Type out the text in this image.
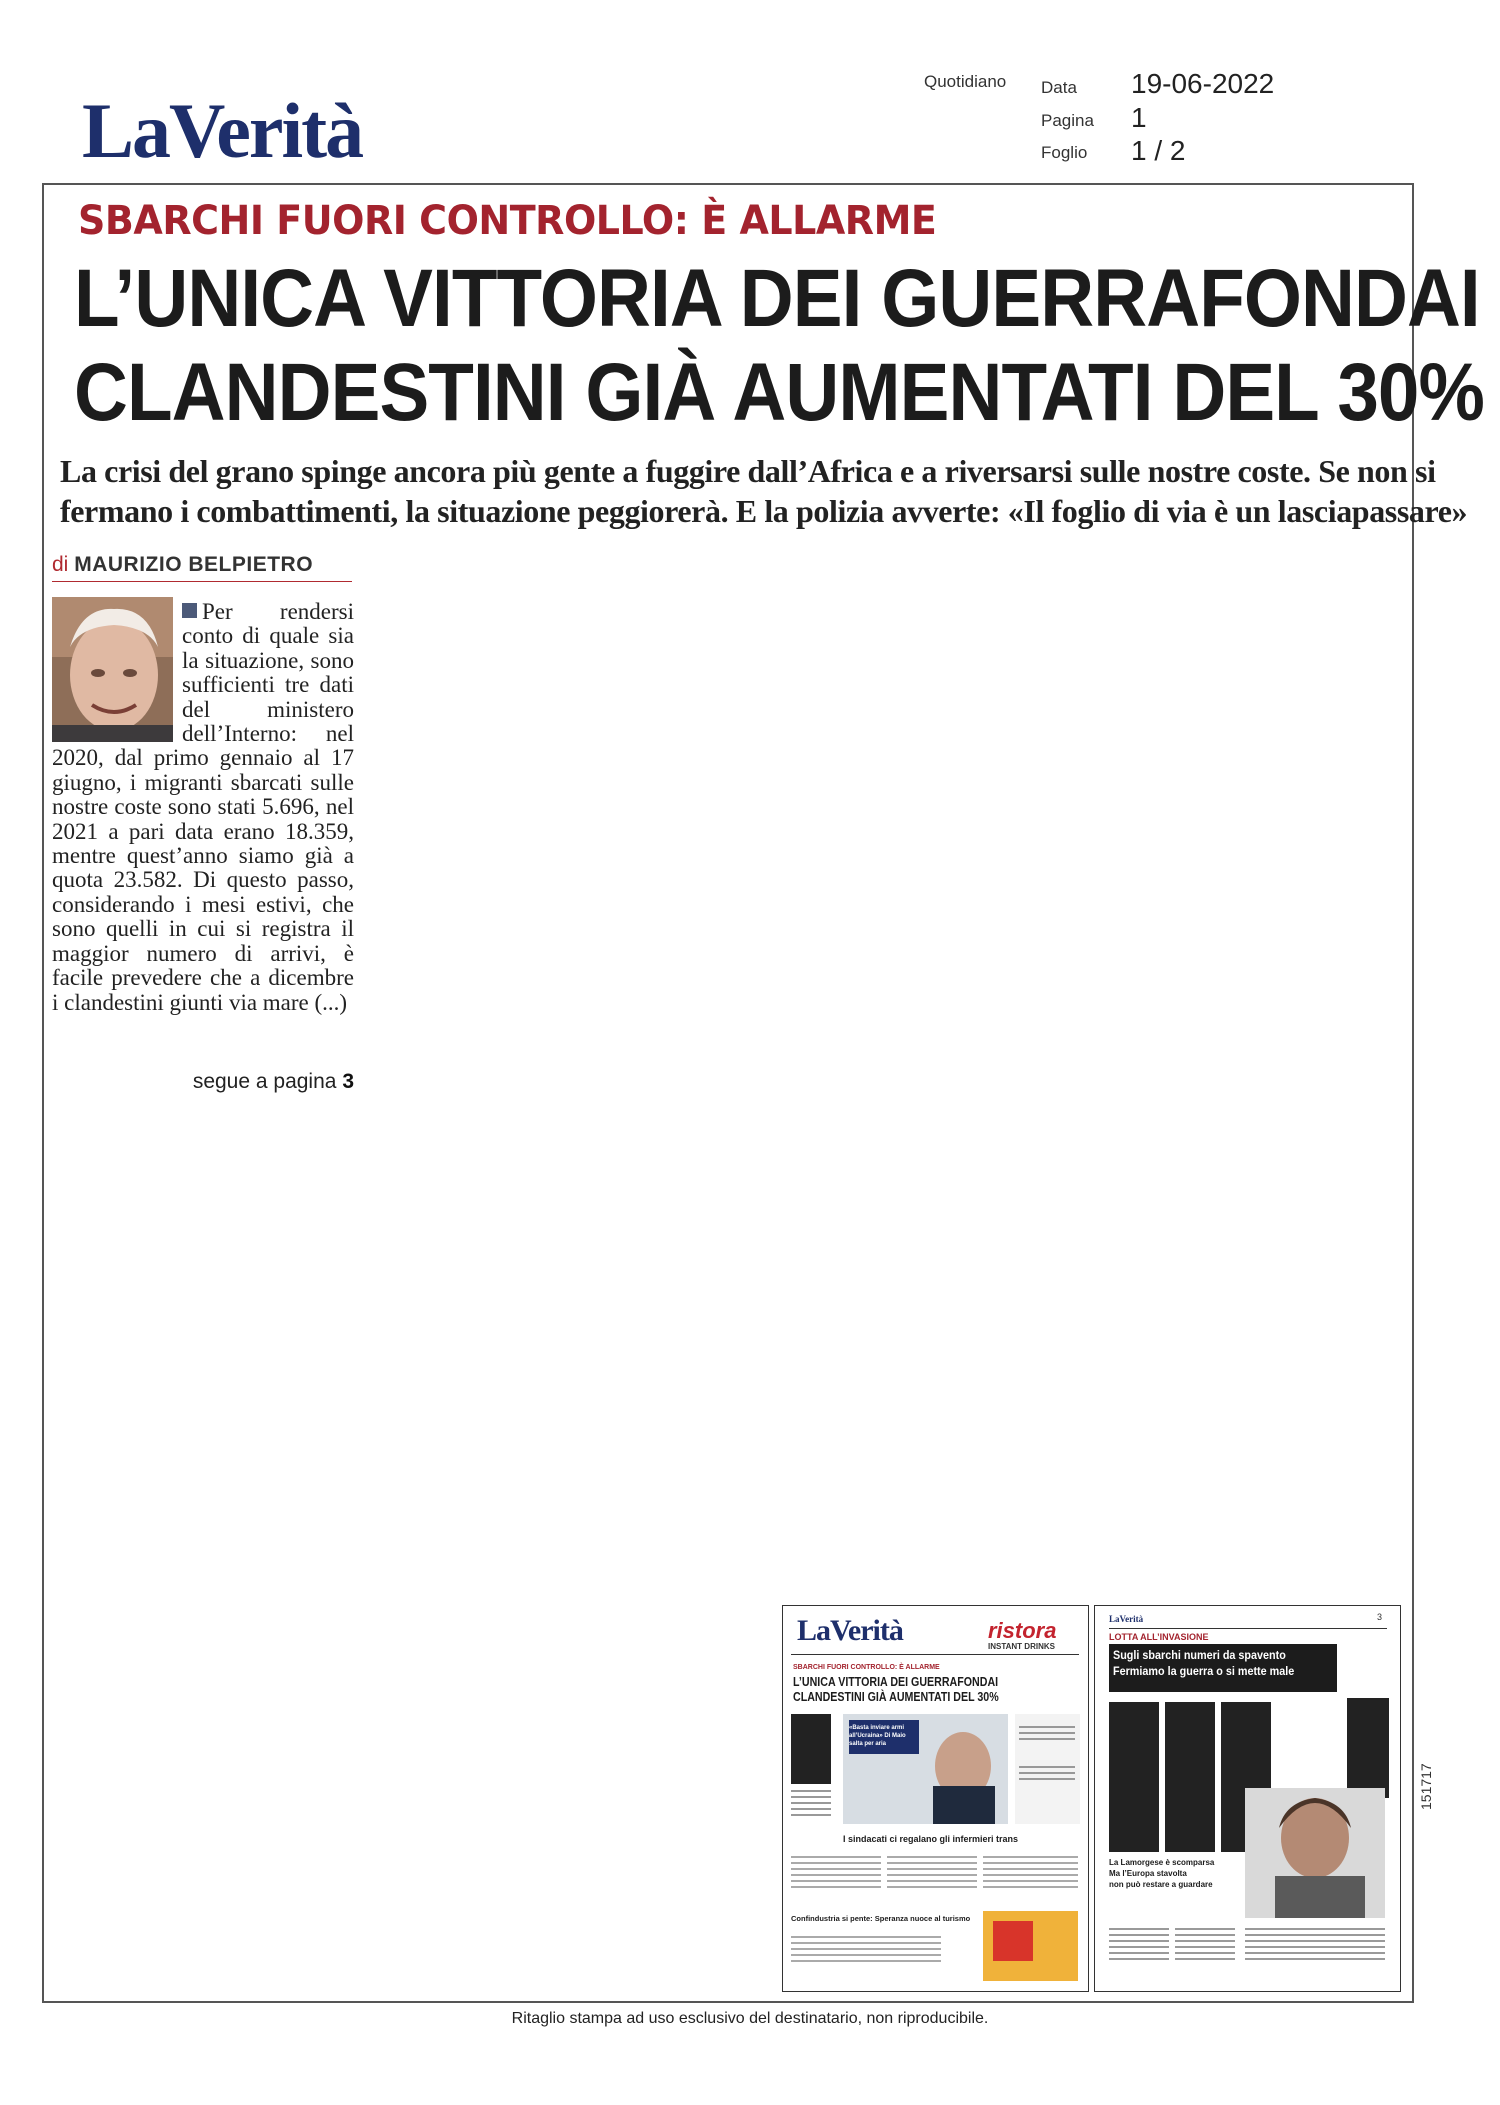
LaVerità
Quotidiano Data 19-06-2022
Pagina 1
Foglio 1 / 2
SBARCHI FUORI CONTROLLO: È ALLARME
L’UNICA VITTORIA DEI GUERRAFONDAI
CLANDESTINI GIÀ AUMENTATI DEL 30%
La crisi del grano spinge ancora più gente a fuggire dall’Africa e a riversarsi sulle nostre coste. Se non si
fermano i combattimenti, la situazione peggiorerà. E la polizia avverte: «Il foglio di via è un lasciapassare»
di MAURIZIO BELPIETRO
Per rendersi conto di quale sia la situazione, sono sufficienti tre dati del ministero dell’Interno: nel 2020, dal primo gennaio al 17 giugno, i migranti sbarcati sulle nostre coste sono stati 5.696, nel 2021 a pari data erano 18.359, mentre quest’anno siamo già a quota 23.582. Di questo passo, considerando i mesi estivi, che sono quelli in cui si registra il maggior numero di arrivi, è facile prevedere che a dicembre i clandestini giunti via mare (...)
segue a pagina 3
LaVerità	ristora
INSTANT DRINKS
SBARCHI FUORI CONTROLLO: È ALLARME
L’UNICA VITTORIA DEI GUERRAFONDAI
CLANDESTINI GIÀ AUMENTATI DEL 30%
«Basta inviare armi all’Ucraina» Di Maio salta per aria
I sindacati ci regalano gli infermieri trans
Confindustria si pente: Speranza nuoce al turismo
LaVerità	3
LOTTA ALL’INVASIONE
Sugli sbarchi numeri da spavento
Fermiamo la guerra o si mette male
La Lamorgese è scomparsa
Ma l’Europa stavolta
non può restare a guardare
151717
Ritaglio stampa ad uso esclusivo del destinatario, non riproducibile.
